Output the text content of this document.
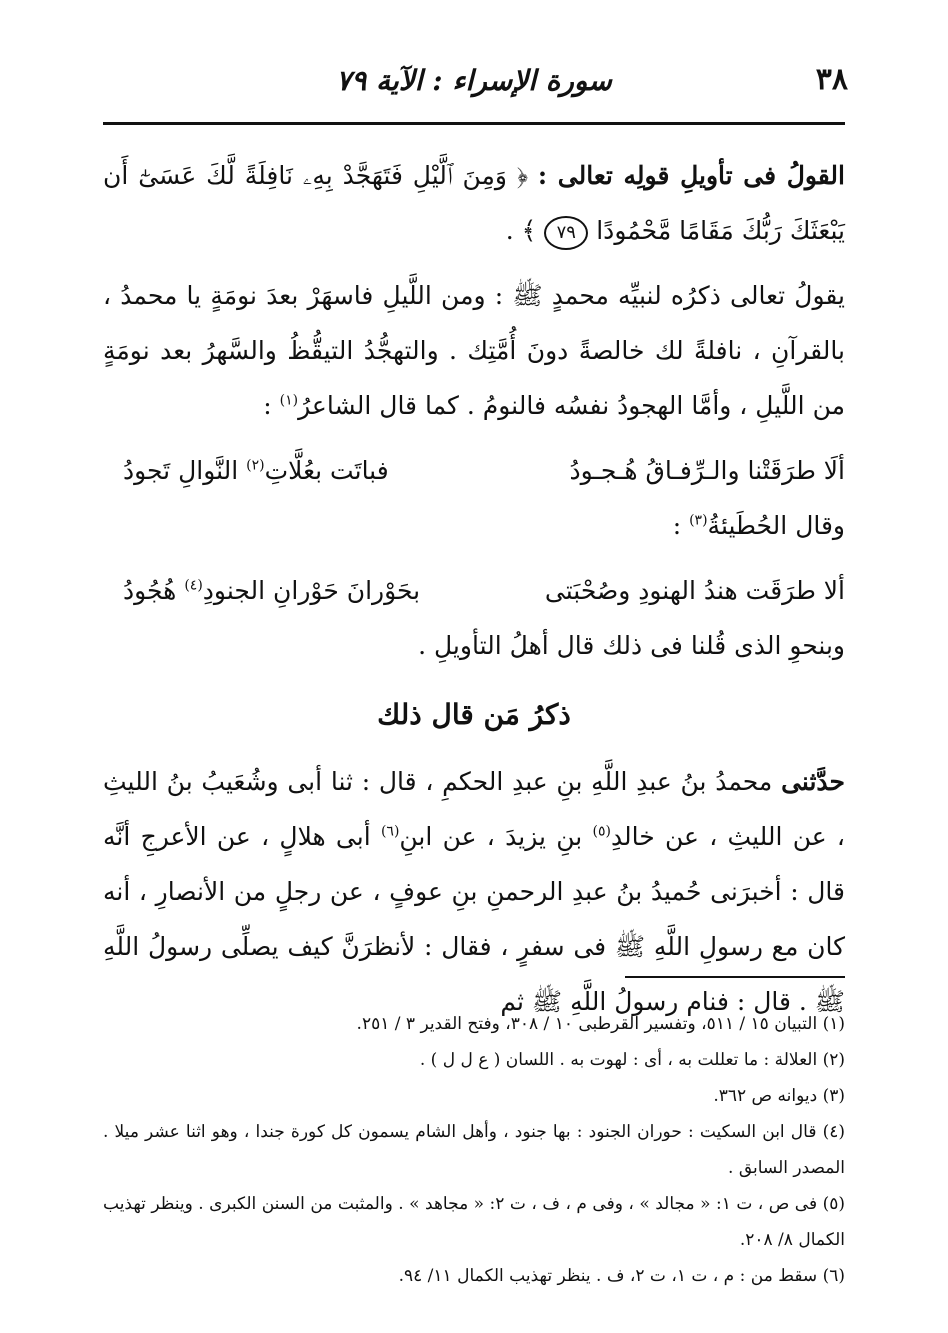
٣٨
سورة الإسراء : الآية ٧٩

القولُ فى تأويلِ قولِه تعالى : ﴿ وَمِنَ ٱلَّيْلِ فَتَهَجَّدْ بِهِۦ نَافِلَةً لَّكَ عَسَىٰٓ أَن يَبْعَثَكَ رَبُّكَ مَقَامًا مَّحْمُودًا ٧٩ ﴾ .

يقولُ تعالى ذكرُه لنبيِّه محمدٍ ﷺ : ومن اللَّيلِ فاسهَرْ بعدَ نومَةٍ يا محمدُ ، بالقرآنِ ، نافلةً لك خالصةً دونَ أُمَّتِك . والتهجُّدُ التيقُّظُ والسَّهرُ بعد نومَةٍ من اللَّيلِ ، وأمَّا الهجودُ نفسُه فالنومُ . كما قال الشاعرُ$^{(١)}$ :

ألَا طرَقَتْنا والـرِّفـاقُ هُـجـودُ
فباتَت بعُلَّاتِ$^{(٢)}$ النَّوالِ تَجودُ

وقال الحُطَيئةُ$^{(٣)}$ :

ألا طرَقَت هندُ الهنودِ وصُحْبَتى
بحَوْرانَ حَوْرانِ الجنودِ$^{(٤)}$ هُجُودُ

وبنحوِ الذى قُلنا فى ذلك قال أهلُ التأويلِ .

ذكرُ مَن قال ذلك

حدَّثنى محمدُ بنُ عبدِ اللَّهِ بنِ عبدِ الحكمِ ، قال : ثنا أبى وشُعَيبُ بنُ الليثِ ، عن الليثِ ، عن خالدِ$^{(٥)}$ بنِ يزيدَ ، عن ابنِ$^{(٦)}$ أبى هلالٍ ، عن الأعرجِ أنَّه قال : أخبرَنى حُميدُ بنُ عبدِ الرحمنِ بنِ عوفٍ ، عن رجلٍ من الأنصارِ ، أنه كان مع رسولِ اللَّهِ ﷺ فى سفرٍ ، فقال : لأنظرَنَّ كيف يصلِّى رسولُ اللَّهِ ﷺ . قال : فنام رسولُ اللَّهِ ﷺ ثم

(١) التبيان ١٥ / ٥١١، وتفسير القرطبى ١٠ / ٣٠٨، وفتح القدير ٣ / ٢٥١.

(٢) العلالة : ما تعللت به ، أى : لهوت به . اللسان ( ع ل ل ) .

(٣) ديوانه ص ٣٦٢.

(٤) قال ابن السكيت : حوران الجنود : بها جنود ، وأهل الشام يسمون كل كورة جندا ، وهو اثنا عشر ميلا . المصدر السابق .

(٥) فى ص ، ت ١: « مجالد » ، وفى م ، ف ، ت ٢: « مجاهد » . والمثبت من السنن الكبرى . وينظر تهذيب الكمال ٨/ ٢٠٨.

(٦) سقط من : م ، ت ١، ت ٢، ف . ينظر تهذيب الكمال ١١/ ٩٤.
